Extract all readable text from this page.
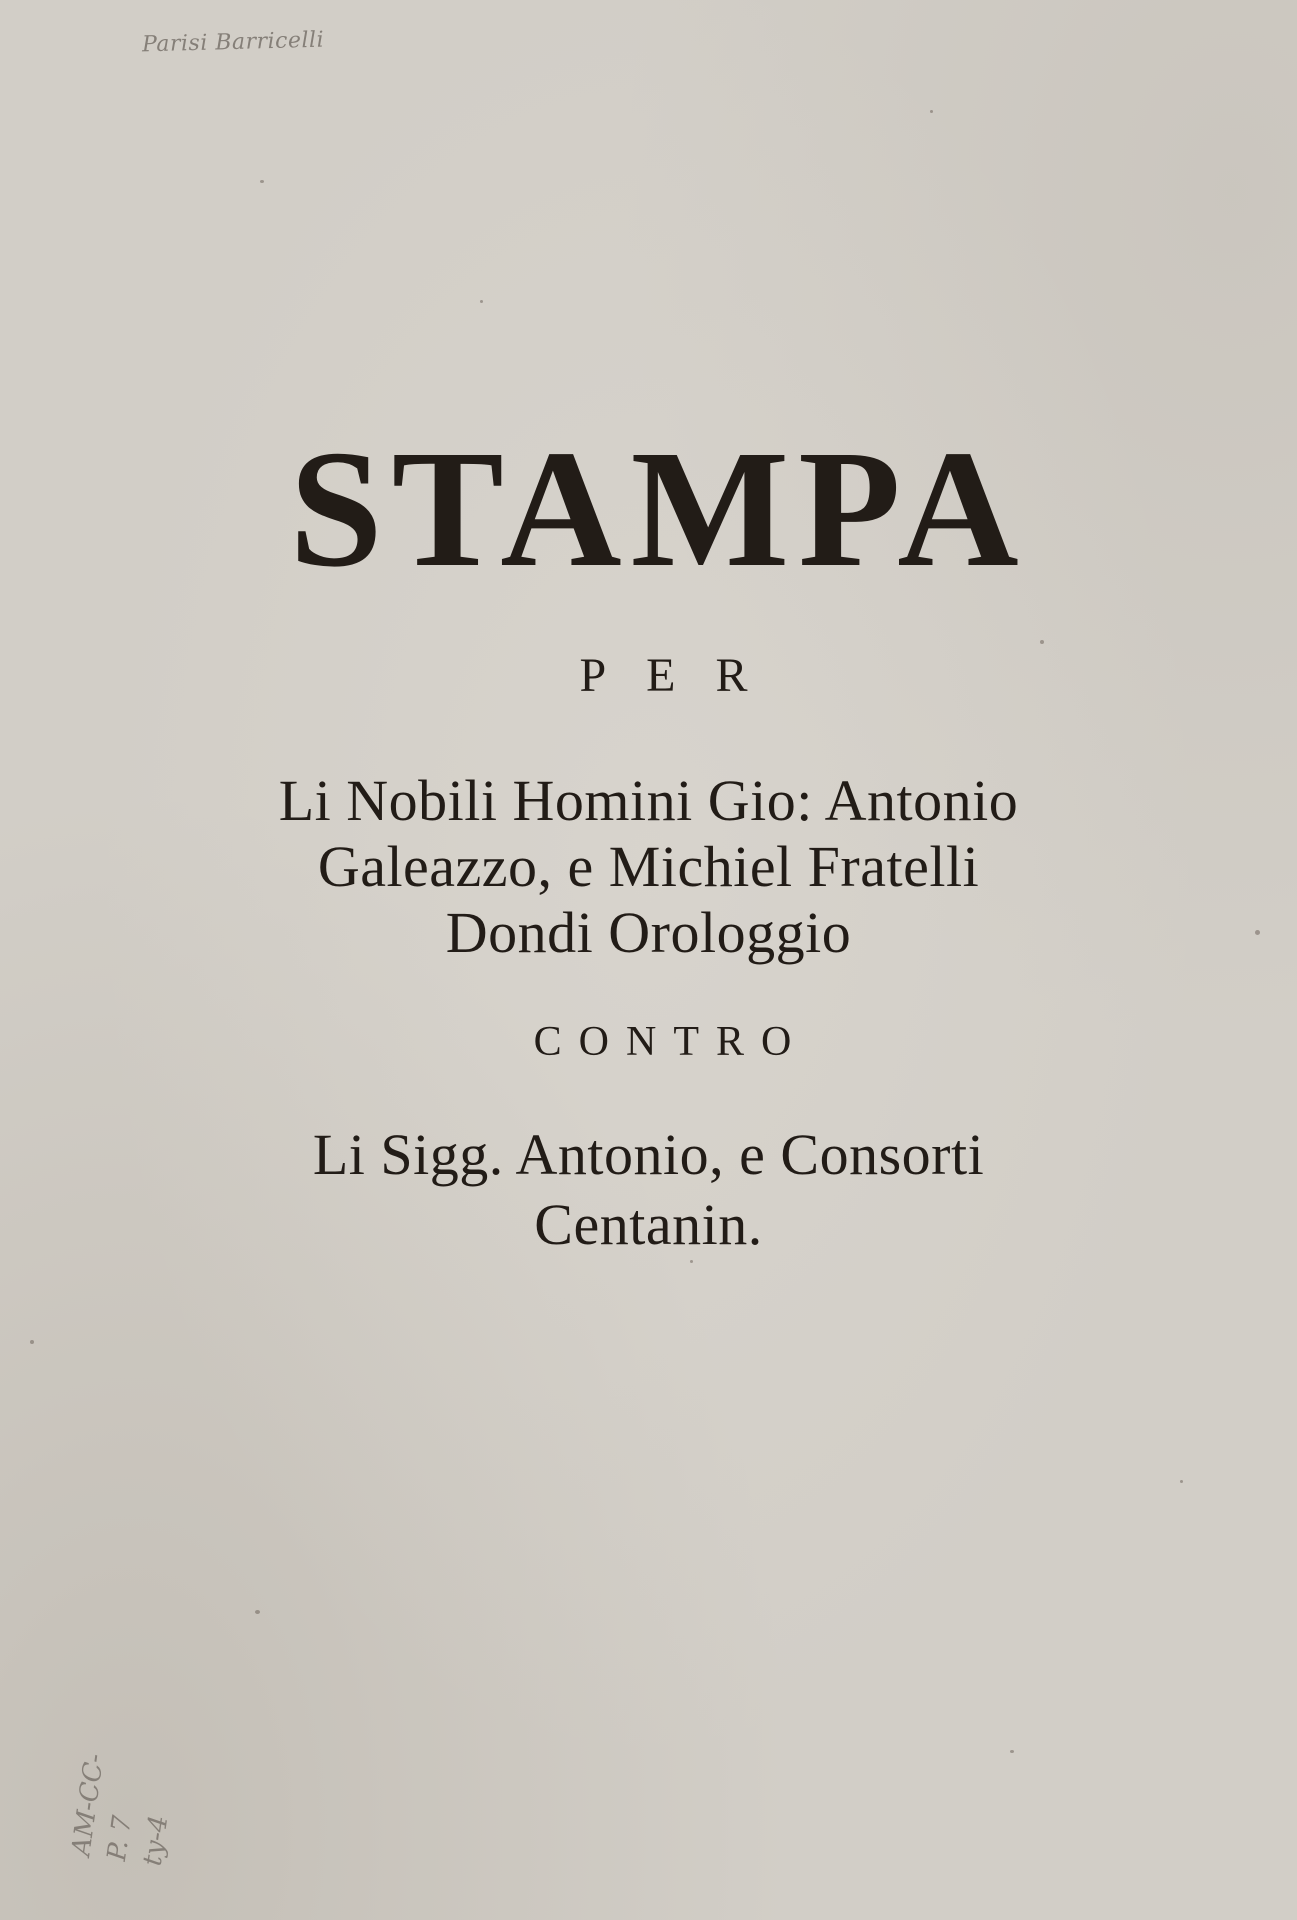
Parisi Barricelli
STAMPA
PER
Li Nobili Homini Gio: Antonio
Galeazzo, e Michiel Fratelli
Dondi Orologgio
CONTRO
Li Sigg. Antonio, e Consorti
Centanin.
AM-CC-
P. 7 ty-4
